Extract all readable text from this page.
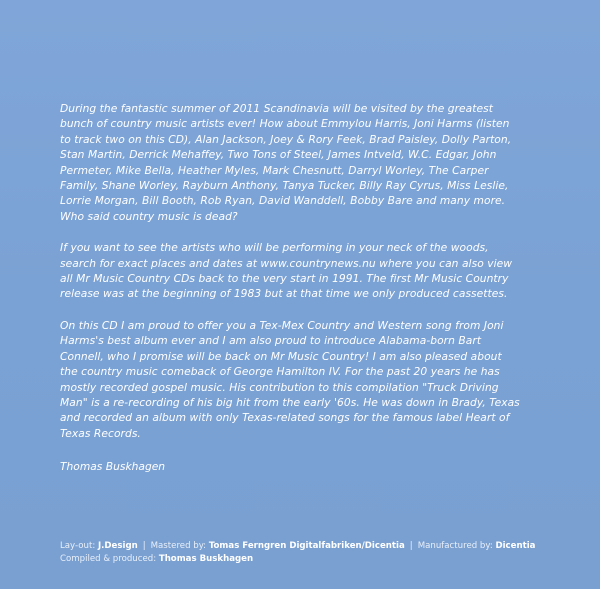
During the fantastic summer of 2011 Scandinavia will be visited by the greatest
bunch of country music artists ever! How about Emmylou Harris, Joni Harms (listen
to track two on this CD), Alan Jackson, Joey & Rory Feek, Brad Paisley, Dolly Parton,
Stan Martin, Derrick Mehaffey, Two Tons of Steel, James Intveld, W.C. Edgar, John
Permeter, Mike Bella, Heather Myles, Mark Chesnutt, Darryl Worley, The Carper
Family, Shane Worley, Rayburn Anthony, Tanya Tucker, Billy Ray Cyrus, Miss Leslie,
Lorrie Morgan, Bill Booth, Rob Ryan, David Wanddell, Bobby Bare and many more.
Who said country music is dead?

If you want to see the artists who will be performing in your neck of the woods,
search for exact places and dates at www.countrynews.nu where you can also view
all Mr Music Country CDs back to the very start in 1991. The first Mr Music Country
release was at the beginning of 1983 but at that time we only produced cassettes.

On this CD I am proud to offer you a Tex-Mex Country and Western song from Joni
Harms's best album ever and I am also proud to introduce Alabama-born Bart
Connell, who I promise will be back on Mr Music Country! I am also pleased about
the country music comeback of George Hamilton IV. For the past 20 years he has
mostly recorded gospel music. His contribution to this compilation "Truck Driving
Man" is a re-recording of his big hit from the early '60s. He was down in Brady, Texas
and recorded an album with only Texas-related songs for the famous label Heart of
Texas Records.

Thomas Buskhagen
Lay-out: J.Design | Mastered by: Tomas Ferngren Digitalfabriken/Dicentia | Manufactured by: Dicentia
Compiled & produced: Thomas Buskhagen
